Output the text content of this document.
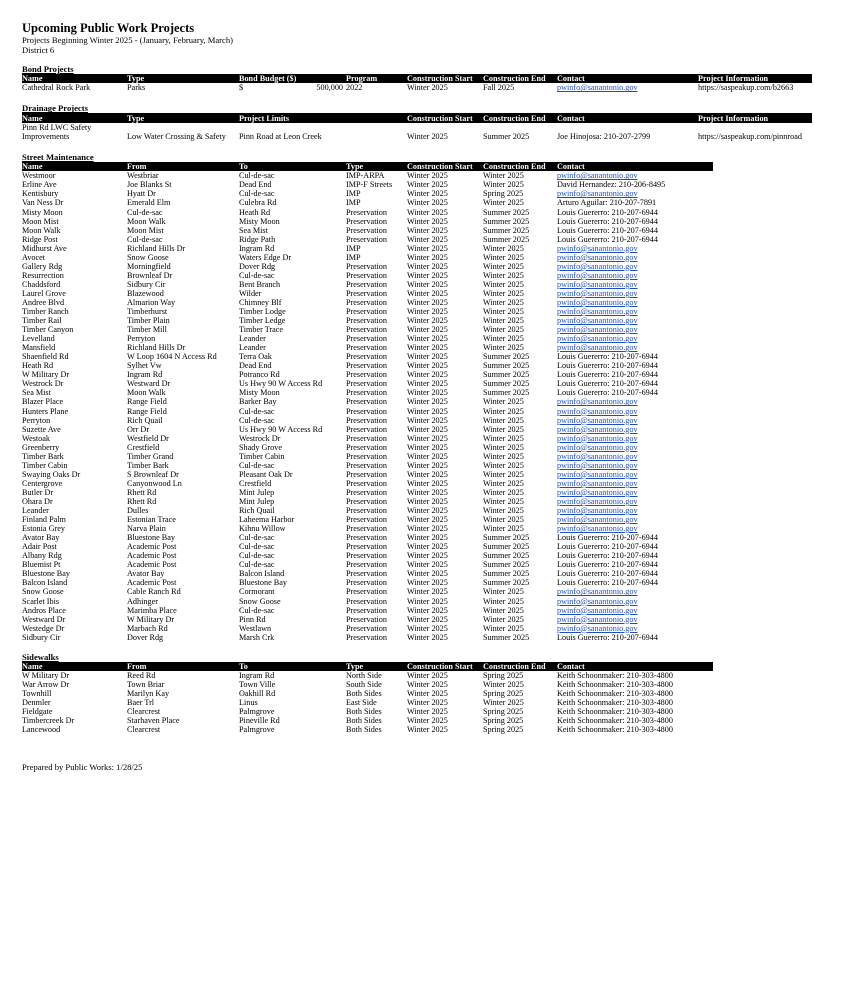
Upcoming Public Work Projects
Projects Beginning Winter 2025 - (January, February, March)
District 6
Bond Projects
Name	Type	Bond Budget ($)	Program	Construction Start	Construction End	Contact	Project Information
Cathedral Rock Park	Parks	$ 500,000	2022	Winter 2025	Fall 2025	pwinfo@sanantonio.gov	https://saspeakup.com/b2663
Drainage Projects
Name	Type	Project Limits		Construction Start	Construction End	Contact	Project Information
Pinn Rd LWC Safety							
Improvements	Low Water Crossing & Safety	Pinn Road at Leon Creek		Winter 2025	Summer 2025	Joe Hinojosa: 210-207-2799	https://saspeakup.com/pinnroad
Street Maintenance
Name	From	To	Type	Construction Start	Construction End	Contact
Westmoor	Westbriar	Cul-de-sac	IMP-ARPA	Winter 2025	Winter 2025	pwinfo@sanantonio.gov
Erline Ave	Joe Blanks St	Dead End	IMP-F Streets	Winter 2025	Winter 2025	David Hernandez: 210-206-8495
Kentisbury	Hyatt Dr	Cul-de-sac	IMP	Winter 2025	Spring 2025	pwinfo@sanantonio.gov
Van Ness Dr	Emerald Elm	Culebra Rd	IMP	Winter 2025	Winter 2025	Arturo Aguilar: 210-207-7891
Misty Moon	Cul-de-sac	Heath Rd	Preservation	Winter 2025	Summer 2025	Louis Guererro: 210-207-6944
Moon Mist	Moon Walk	Misty Moon	Preservation	Winter 2025	Summer 2025	Louis Guererro: 210-207-6944
Moon Walk	Moon Mist	Sea Mist	Preservation	Winter 2025	Summer 2025	Louis Guererro: 210-207-6944
Ridge Post	Cul-de-sac	Ridge Path	Preservation	Winter 2025	Summer 2025	Louis Guererro: 210-207-6944
Midhurst Ave	Richland Hills Dr	Ingram Rd	IMP	Winter 2025	Winter 2025	pwinfo@sanantonio.gov
Avocet	Snow Goose	Waters Edge Dr	IMP	Winter 2025	Winter 2025	pwinfo@sanantonio.gov
Gallery Rdg	Morningfield	Dover Rdg	Preservation	Winter 2025	Winter 2025	pwinfo@sanantonio.gov
Resurrection	Brownleaf Dr	Cul-de-sac	Preservation	Winter 2025	Winter 2025	pwinfo@sanantonio.gov
Chaddsford	Sidbury Cir	Bent Branch	Preservation	Winter 2025	Winter 2025	pwinfo@sanantonio.gov
Laurel Grove	Blazewood	Wilder	Preservation	Winter 2025	Winter 2025	pwinfo@sanantonio.gov
Andree Blvd	Almarion Way	Chimney Blf	Preservation	Winter 2025	Winter 2025	pwinfo@sanantonio.gov
Timber Ranch	Timberhurst	Timber Lodge	Preservation	Winter 2025	Winter 2025	pwinfo@sanantonio.gov
Timber Rail	Timber Plain	Timber Ledge	Preservation	Winter 2025	Winter 2025	pwinfo@sanantonio.gov
Timber Canyon	Timber Mill	Timber Trace	Preservation	Winter 2025	Winter 2025	pwinfo@sanantonio.gov
Levelland	Perryton	Leander	Preservation	Winter 2025	Winter 2025	pwinfo@sanantonio.gov
Mansfield	Richland Hills Dr	Leander	Preservation	Winter 2025	Winter 2025	pwinfo@sanantonio.gov
Shaenfield Rd	W Loop 1604 N Access Rd	Terra Oak	Preservation	Winter 2025	Summer 2025	Louis Guererro: 210-207-6944
Heath Rd	Sylhet Vw	Dead End	Preservation	Winter 2025	Summer 2025	Louis Guererro: 210-207-6944
W Military Dr	Ingram Rd	Potranco Rd	Preservation	Winter 2025	Summer 2025	Louis Guererro: 210-207-6944
Westrock Dr	Westward Dr	Us Hwy 90 W Access Rd	Preservation	Winter 2025	Summer 2025	Louis Guererro: 210-207-6944
Sea Mist	Moon Walk	Misty Moon	Preservation	Winter 2025	Summer 2025	Louis Guererro: 210-207-6944
Blazer Place	Range Field	Barker Bay	Preservation	Winter 2025	Winter 2025	pwinfo@sanantonio.gov
Hunters Plane	Range Field	Cul-de-sac	Preservation	Winter 2025	Winter 2025	pwinfo@sanantonio.gov
Perryton	Rich Quail	Cul-de-sac	Preservation	Winter 2025	Winter 2025	pwinfo@sanantonio.gov
Suzette Ave	Orr Dr	Us Hwy 90 W Access Rd	Preservation	Winter 2025	Winter 2025	pwinfo@sanantonio.gov
Westoak	Westfield Dr	Westrock Dr	Preservation	Winter 2025	Winter 2025	pwinfo@sanantonio.gov
Greenberry	Crestfield	Shady Grove	Preservation	Winter 2025	Winter 2025	pwinfo@sanantonio.gov
Timber Bark	Timber Grand	Timber Cabin	Preservation	Winter 2025	Winter 2025	pwinfo@sanantonio.gov
Timber Cabin	Timber Bark	Cul-de-sac	Preservation	Winter 2025	Winter 2025	pwinfo@sanantonio.gov
Swaying Oaks Dr	S Brownleaf Dr	Pleasant Oak Dr	Preservation	Winter 2025	Winter 2025	pwinfo@sanantonio.gov
Centergrove	Canyonwood Ln	Crestfield	Preservation	Winter 2025	Winter 2025	pwinfo@sanantonio.gov
Butler Dr	Rhett Rd	Mint Julep	Preservation	Winter 2025	Winter 2025	pwinfo@sanantonio.gov
Ohara Dr	Rhett Rd	Mint Julep	Preservation	Winter 2025	Winter 2025	pwinfo@sanantonio.gov
Leander	Dulles	Rich Quail	Preservation	Winter 2025	Winter 2025	pwinfo@sanantonio.gov
Finland Palm	Estonian Trace	Laheema Harbor	Preservation	Winter 2025	Winter 2025	pwinfo@sanantonio.gov
Estonia Grey	Narva Plain	Kihnu Willow	Preservation	Winter 2025	Winter 2025	pwinfo@sanantonio.gov
Avator Bay	Bluestone Bay	Cul-de-sac	Preservation	Winter 2025	Summer 2025	Louis Guererro: 210-207-6944
Adair Post	Academic Post	Cul-de-sac	Preservation	Winter 2025	Summer 2025	Louis Guererro: 210-207-6944
Albany Rdg	Academic Post	Cul-de-sac	Preservation	Winter 2025	Summer 2025	Louis Guererro: 210-207-6944
Bluemist Pt	Academic Post	Cul-de-sac	Preservation	Winter 2025	Summer 2025	Louis Guererro: 210-207-6944
Bluestone Bay	Avator Bay	Balcon Island	Preservation	Winter 2025	Summer 2025	Louis Guererro: 210-207-6944
Balcon Island	Academic Post	Bluestone Bay	Preservation	Winter 2025	Summer 2025	Louis Guererro: 210-207-6944
Snow Goose	Cable Ranch Rd	Cormorant	Preservation	Winter 2025	Winter 2025	pwinfo@sanantonio.gov
Scarlet Ibis	Adhinger	Snow Goose	Preservation	Winter 2025	Winter 2025	pwinfo@sanantonio.gov
Andros Place	Marimba Place	Cul-de-sac	Preservation	Winter 2025	Winter 2025	pwinfo@sanantonio.gov
Westward Dr	W Military Dr	Pinn Rd	Preservation	Winter 2025	Winter 2025	pwinfo@sanantonio.gov
Westedge Dr	Marbach Rd	Westlawn	Preservation	Winter 2025	Winter 2025	pwinfo@sanantonio.gov
Sidbury Cir	Dover Rdg	Marsh Crk	Preservation	Winter 2025	Summer 2025	Louis Guererro: 210-207-6944
Sidewalks
Name	From	To	Type	Construction Start	Construction End	Contact
W Military Dr	Reed Rd	Ingram Rd	North Side	Winter 2025	Spring 2025	Keith Schoonmaker: 210-303-4800
War Arrow Dr	Town Briar	Town Ville	South Side	Winter 2025	Winter 2025	Keith Schoonmaker: 210-303-4800
Townhill	Marilyn Kay	Oakhill Rd	Both Sides	Winter 2025	Spring 2025	Keith Schoonmaker: 210-303-4800
Denmler	Baer Trl	Linus	East Side	Winter 2025	Winter 2025	Keith Schoonmaker: 210-303-4800
Fieldgate	Clearcrest	Palmgrove	Both Sides	Winter 2025	Spring 2025	Keith Schoonmaker: 210-303-4800
Timbercreek Dr	Starhaven Place	Pineville Rd	Both Sides	Winter 2025	Spring 2025	Keith Schoonmaker: 210-303-4800
Lancewood	Clearcrest	Palmgrove	Both Sides	Winter 2025	Spring 2025	Keith Schoonmaker: 210-303-4800
Prepared by Public Works: 1/28/25
